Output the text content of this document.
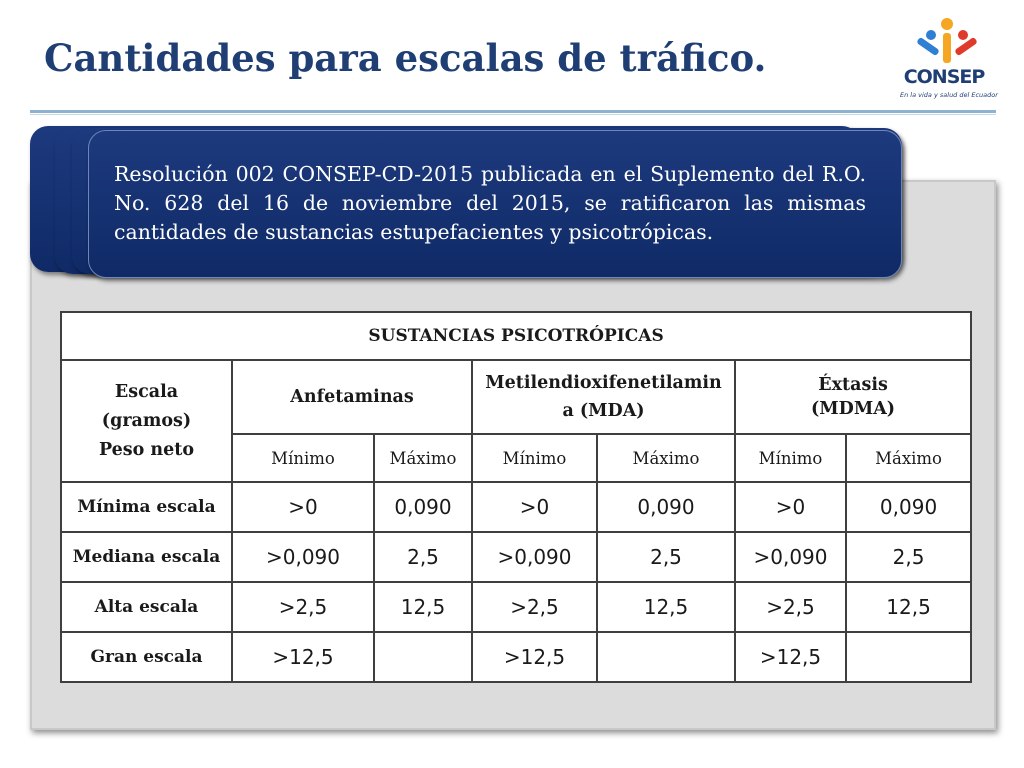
Cantidades para escalas de tráfico.	CONSEP
En la vida y salud del Ecuador
Resolución 002 CONSEP-CD-2015 publicada en el Suplemento del R.O. No. 628 del 16 de noviembre del 2015, se ratificaron las mismas cantidades de sustancias estupefacientes y psicotrópicas.
SUSTANCIAS PSICOTRÓPICAS						

Escala
(gramos)
Peso neto	Anfetaminas		Metilendioxifenetilamin a (MDA)		Éxtasis (MDMA)	
	Mínimo	Máximo	Mínimo	Máximo	Mínimo	Máximo
Mínima escala	>0	0,090	>0	0,090	>0	0,090
Mediana escala	>0,090	2,5	>0,090	2,5	>0,090	2,5
Alta escala	>2,5	12,5	>2,5	12,5	>2,5	12,5
Gran escala	>12,5		>12,5		>12,5	
